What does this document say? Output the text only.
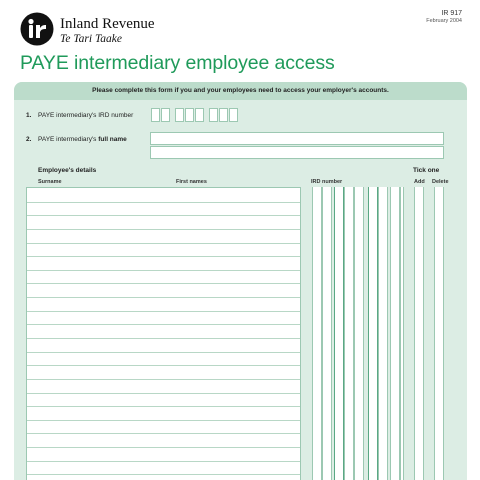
Inland Revenue
Te Tari Taake
IR 917
February 2004
PAYE intermediary employee access
Please complete this form if you and your employees need to access your employer's accounts.
1. PAYE intermediary's IRD number
2. PAYE intermediary's full name
Employee's details	Tick one
Surname	First names	IRD number	Add Delete
